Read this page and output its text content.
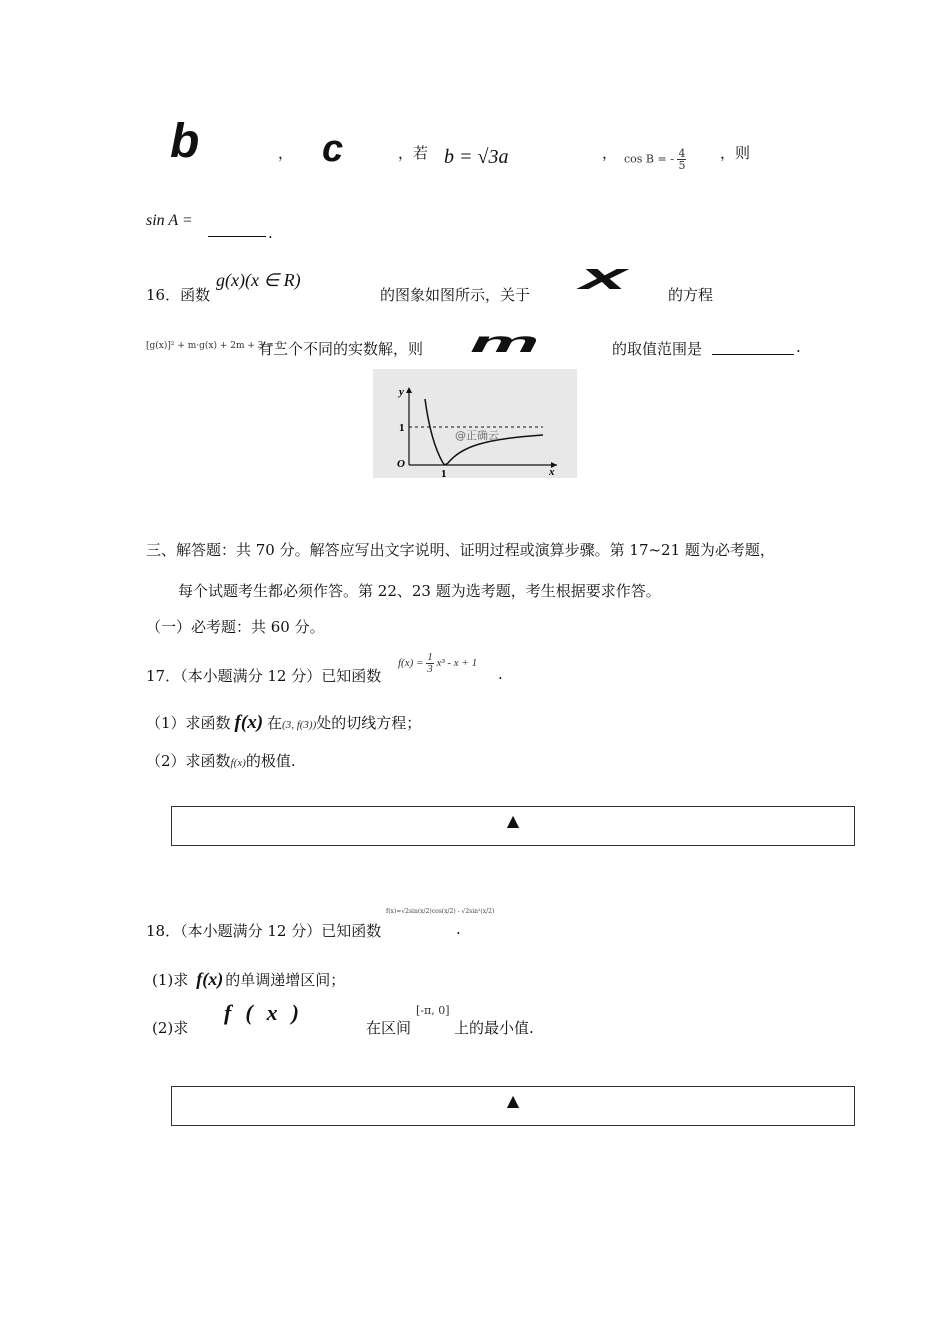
b	， c	，若 b = √3a	， cos B = - $\frac{4}{5}$ ，则
sin A =
.
16．函数
g(x)(x ∈ R)
的图象如图所示，关于 x	的方程
[g(x)]² + m·g(x) + 2m + 3 = 0
有三个不同的实数解，则 m	的取值范围是	.
y
1
O
1	x
@正确云
三、解答题：共 70 分。解答应写出文字说明、证明过程或演算步骤。第 17~21 题为必考题，
每个试题考生都必须作答。第 22、23 题为选考题，考生根据要求作答。
（一）必考题：共 60 分。
17．（本小题满分 12 分）已知函数
$f(x) = \frac{1}{3} x^3 - x + 1$
.
（1）求函数 f(x) 在(3, f(3))处的切线方程；
（2）求函数f(x)的极值.
▲
18．（本小题满分 12 分）已知函数
f(x)=√2sin(x/2)cos(x/2) - √2sin²(x/2)
.
(1)求 f(x) 的单调递增区间；
(2)求
f(x)
在区间
[-π, 0]
上的最小值.
▲
